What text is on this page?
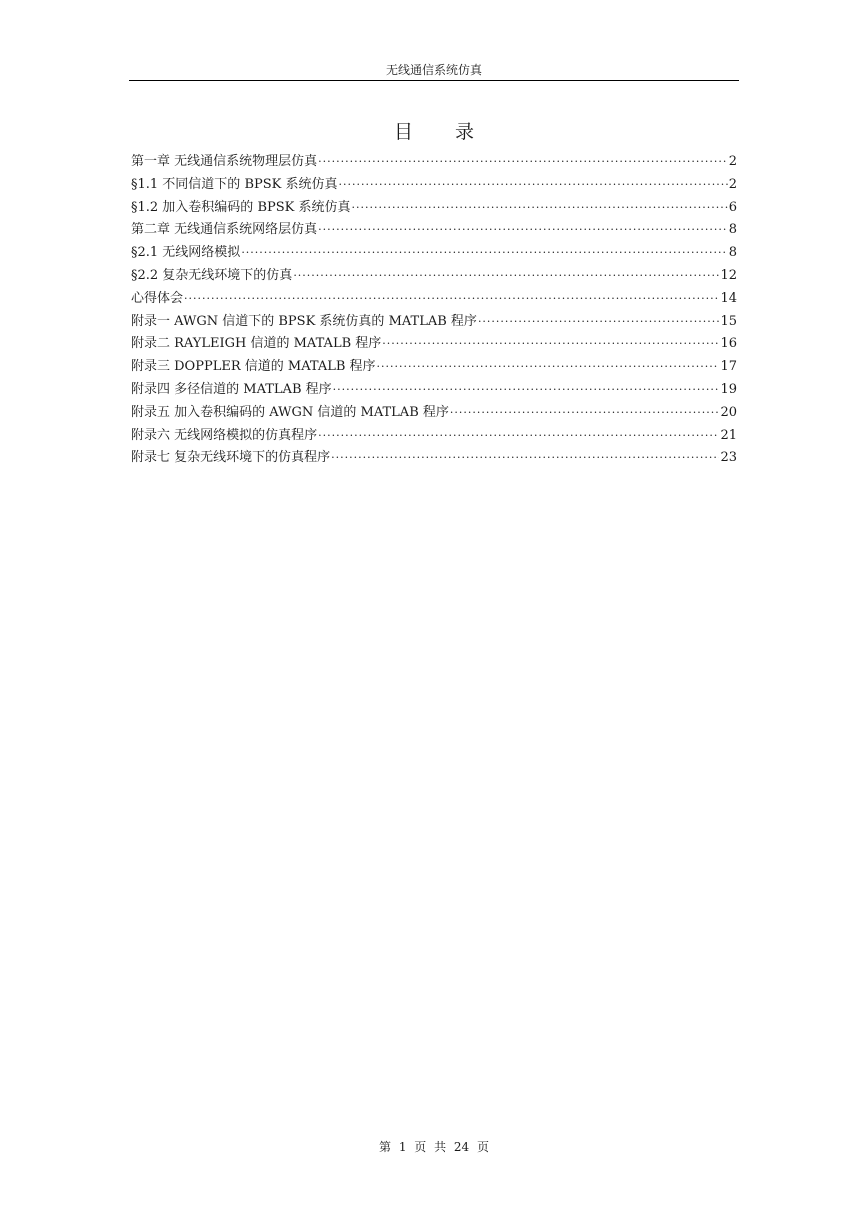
无线通信系统仿真
目 录
第一章 无线通信系统物理层仿真 ·····	2
§1.1 不同信道下的 BPSK 系统仿真 ·····	2
§1.2 加入卷积编码的 BPSK 系统仿真 ·····	6
第二章 无线通信系统网络层仿真 ·····	8
§2.1 无线网络模拟 ·····	8
§2.2 复杂无线环境下的仿真 ·····	12
心得体会 ·····	14
附录一 AWGN 信道下的 BPSK 系统仿真的 MATLAB 程序 ·····	15
附录二 RAYLEIGH 信道的 MATALB 程序 ·····	16
附录三 DOPPLER 信道的 MATALB 程序 ·····	17
附录四 多径信道的 MATLAB 程序 ·····	19
附录五 加入卷积编码的 AWGN 信道的 MATLAB 程序 ·····	20
附录六 无线网络模拟的仿真程序 ·····	21
附录七 复杂无线环境下的仿真程序 ·····	23
第 1 页 共 24 页
